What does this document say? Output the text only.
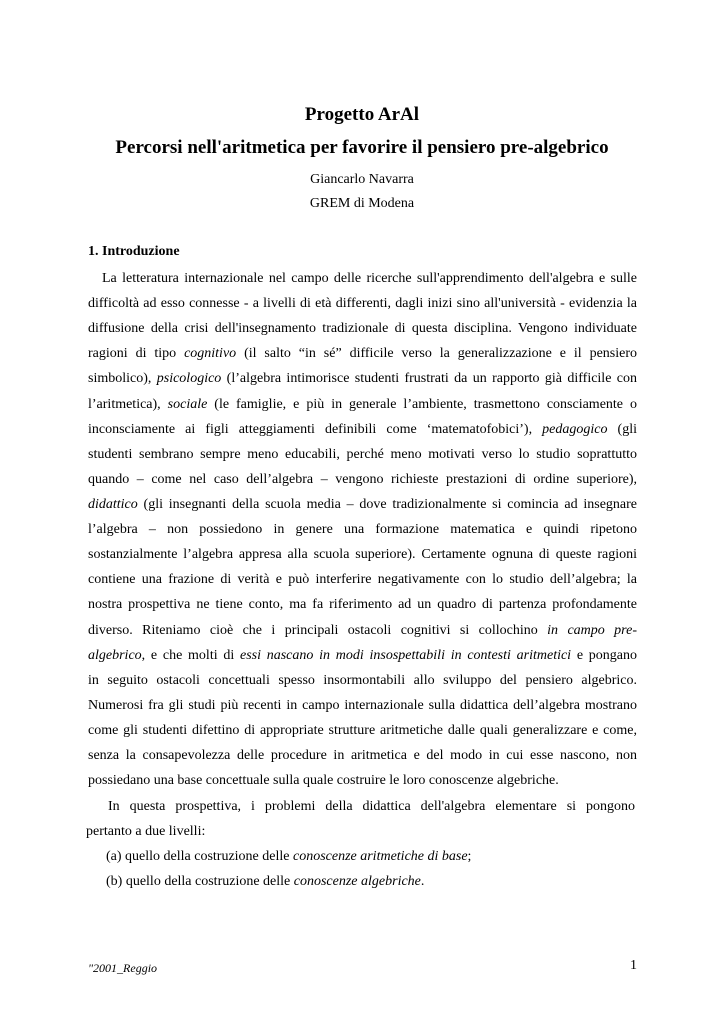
Progetto ArAl
Percorsi nell'aritmetica per favorire il pensiero pre-algebrico
Giancarlo Navarra
GREM di Modena
1. Introduzione
La letteratura internazionale nel campo delle ricerche sull'apprendimento dell'algebra e sulle
difficoltà ad esso connesse - a livelli di età differenti, dagli inizi sino all'università - evidenzia la
diffusione della crisi dell'insegnamento tradizionale di questa disciplina. Vengono individuate
ragioni di tipo cognitivo (il salto “in sé” difficile verso la generalizzazione e il pensiero
simbolico), psicologico (l’algebra intimorisce studenti frustrati da un rapporto già difficile con
l’aritmetica), sociale (le famiglie, e più in generale l’ambiente, trasmettono consciamente o
inconsciamente ai figli atteggiamenti definibili come ‘matematofobici’), pedagogico (gli
studenti sembrano sempre meno educabili, perché meno motivati verso lo studio soprattutto
quando – come nel caso dell’algebra – vengono richieste prestazioni di ordine superiore),
didattico (gli insegnanti della scuola media – dove tradizionalmente si comincia ad insegnare
l’algebra – non possiedono in genere una formazione matematica e quindi ripetono
sostanzialmente l’algebra appresa alla scuola superiore). Certamente ognuna di queste ragioni
contiene una frazione di verità e può interferire negativamente con lo studio dell’algebra; la
nostra prospettiva ne tiene conto, ma fa riferimento ad un quadro di partenza profondamente
diverso. Riteniamo cioè che i principali ostacoli cognitivi si collochino in campo pre-
algebrico, e che molti di essi nascano in modi insospettabili in contesti aritmetici e pongano
in seguito ostacoli concettuali spesso insormontabili allo sviluppo del pensiero algebrico.
Numerosi fra gli studi più recenti in campo internazionale sulla didattica dell’algebra mostrano
come gli studenti difettino di appropriate strutture aritmetiche dalle quali generalizzare e come,
senza la consapevolezza delle procedure in aritmetica e del modo in cui esse nascono, non
possiedano una base concettuale sulla quale costruire le loro conoscenze algebriche.
In questa prospettiva, i problemi della didattica dell'algebra elementare si pongono
pertanto a due livelli:
(a) quello della costruzione delle conoscenze aritmetiche di base;
(b) quello della costruzione delle conoscenze algebriche.
"2001_Reggio	1
